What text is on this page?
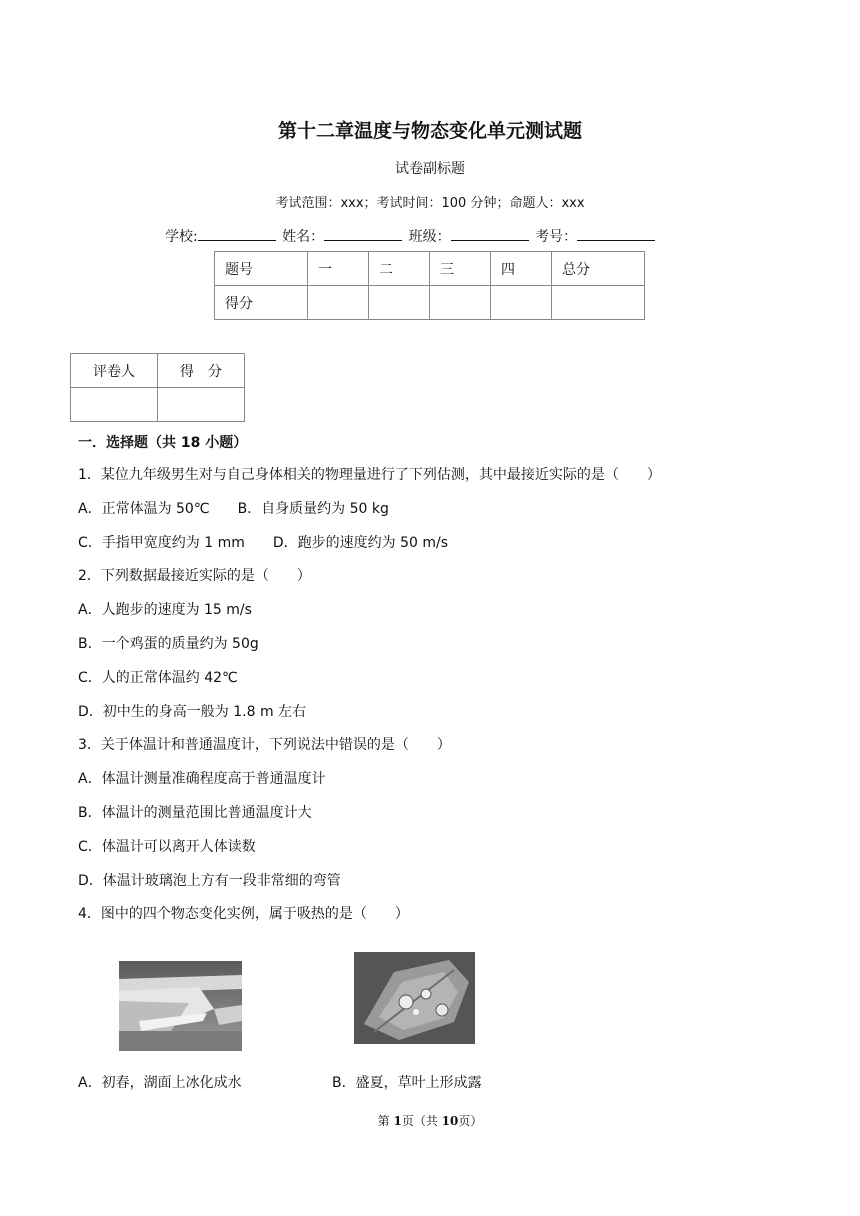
第十二章温度与物态变化单元测试题
试卷副标题
考试范围：xxx；考试时间：100 分钟；命题人：xxx
学校:	姓名：	班级：	考号：
题号	一	二	三	四	总分
得分					
评卷人	得　分

一．选择题（共 18 小题）
1．某位九年级男生对与自己身体相关的物理量进行了下列估测，其中最接近实际的是（　　）
A．正常体温为 50℃　　B．自身质量约为 50 kg
C．手指甲宽度约为 1 mm　　D．跑步的速度约为 50 m/s
2．下列数据最接近实际的是（　　）
A．人跑步的速度为 15 m/s
B．一个鸡蛋的质量约为 50g
C．人的正常体温约 42℃
D．初中生的身高一般为 1.8 m 左右
3．关于体温计和普通温度计，下列说法中错误的是（　　）
A．体温计测量准确程度高于普通温度计
B．体温计的测量范围比普通温度计大
C．体温计可以离开人体读数
D．体温计玻璃泡上方有一段非常细的弯管
4．图中的四个物态变化实例，属于吸热的是（　　）
A．初春，湖面上冰化成水	B．盛夏，草叶上形成露
第 1页（共 10页）
